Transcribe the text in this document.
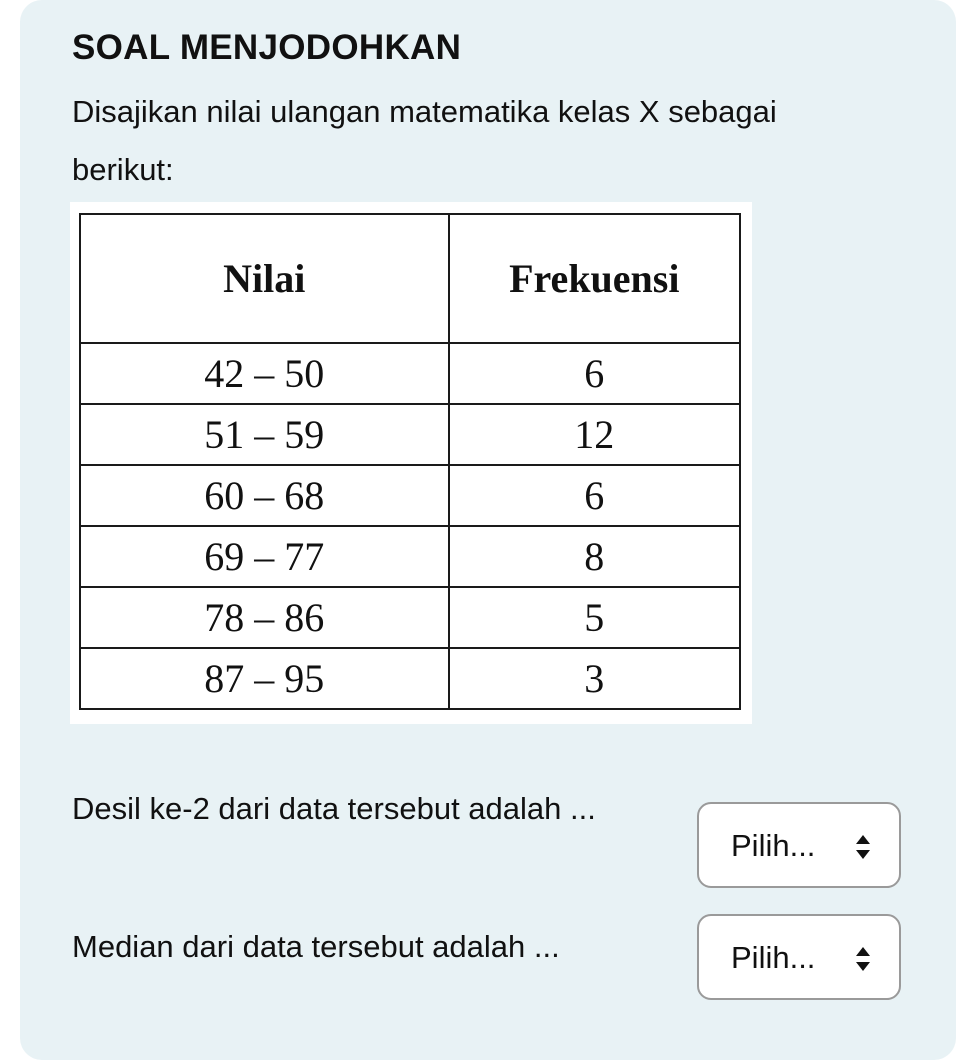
SOAL MENJODOHKAN
Disajikan nilai ulangan matematika kelas X sebagai berikut:
Nilai	Frekuensi
42 – 50	6
51 – 59	12
60 – 68	6
69 – 77	8
78 – 86	5
87 – 95	3
Desil ke-2 dari data tersebut adalah ...
Pilih...
Median dari data tersebut adalah ...	Pilih...
